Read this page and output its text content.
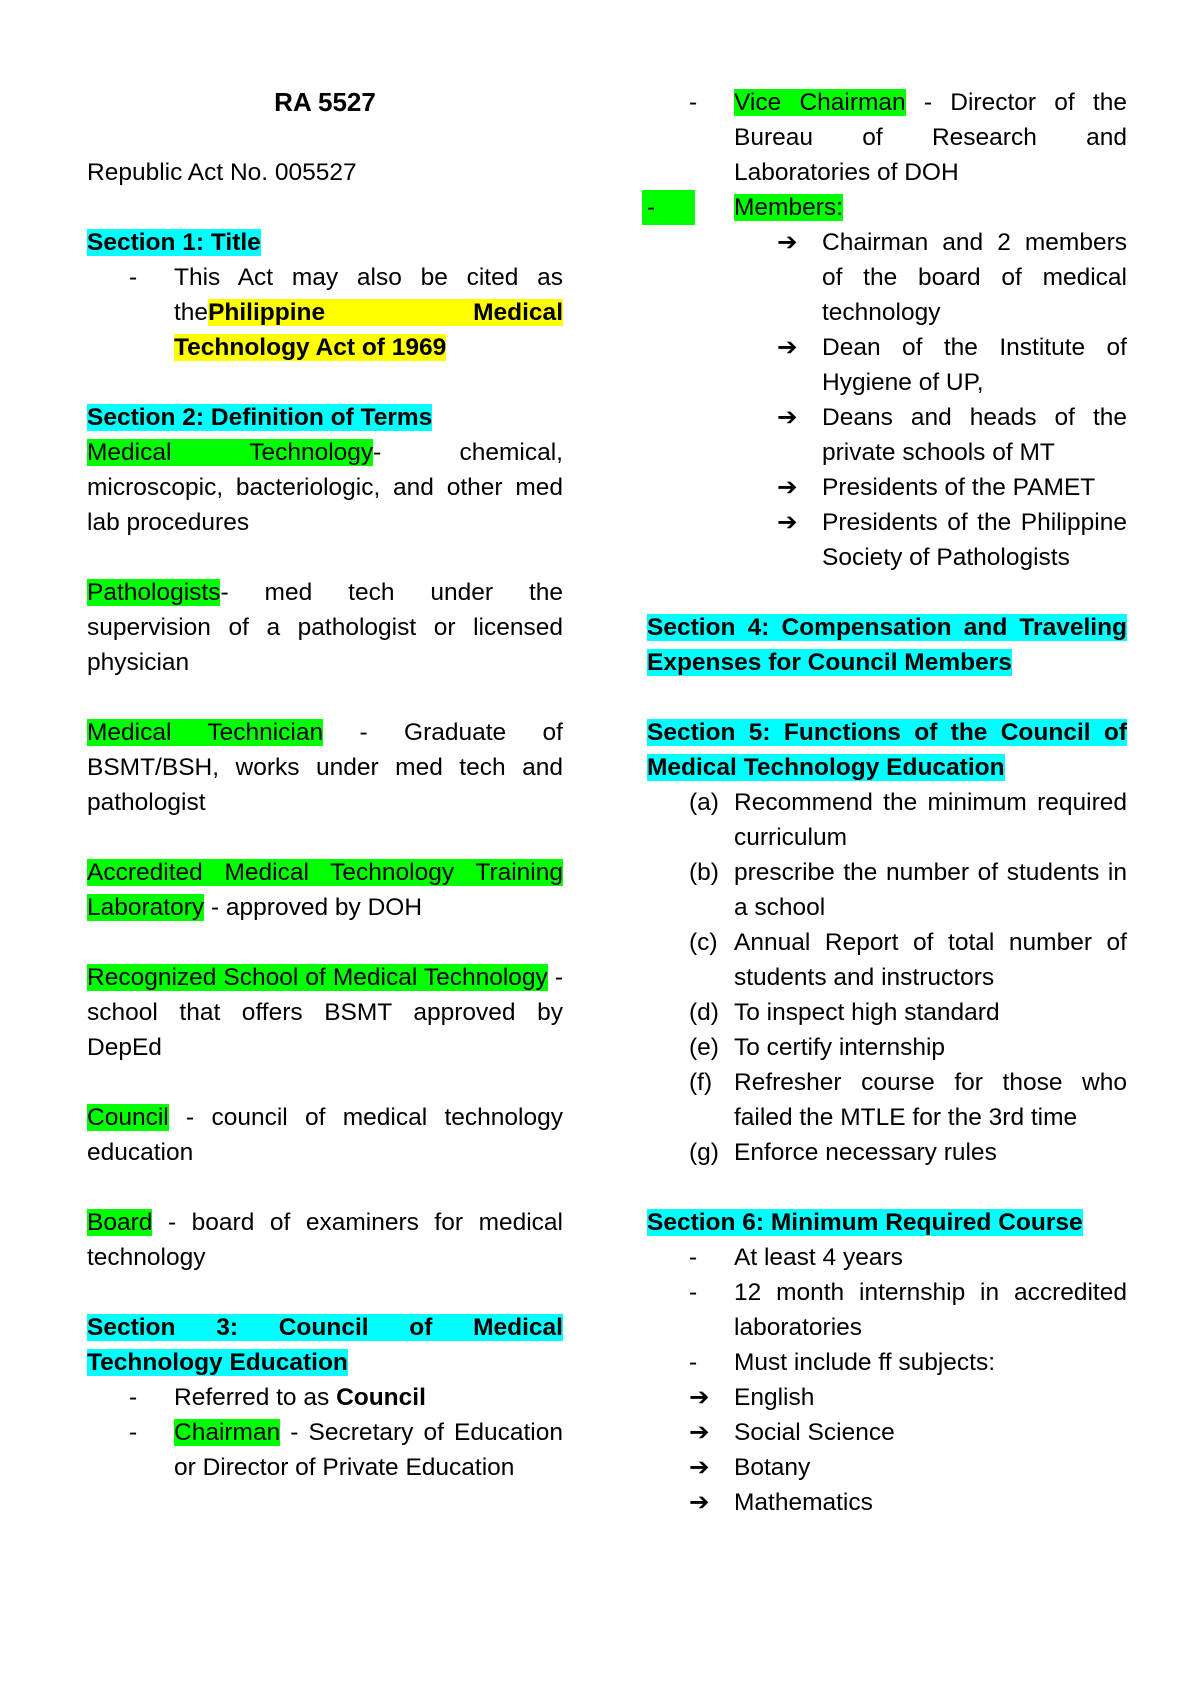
RA 5527

Republic Act No. 005527

Section 1: Title

- This Act may also be cited as thePhilippine Medical Technology Act of 1969

Section 2: Definition of Terms

Medical Technology- chemical, microscopic, bacteriologic, and other med lab procedures

Pathologists- med tech under the supervision of a pathologist or licensed physician

Medical Technician - Graduate of BSMT/BSH, works under med tech and pathologist

Accredited Medical Technology Training Laboratory - approved by DOH

Recognized School of Medical Technology - school that offers BSMT approved by DepEd

Council - council of medical technology education

Board - board of examiners for medical technology

Section 3: Council of Medical Technology Education

- Referred to as Council

- Chairman - Secretary of Education or Director of Private Education

- Vice Chairman - Director of the Bureau of Research and Laboratories of DOH

-	Members:

➔ Chairman and 2 members of the board of medical technology

➔ Dean of the Institute of Hygiene of UP,

➔ Deans and heads of the private schools of MT

➔ Presidents of the PAMET

➔ Presidents of the Philippine Society of Pathologists

Section 4: Compensation and Traveling Expenses for Council Members

Section 5: Functions of the Council of Medical Technology Education

(a) Recommend the minimum required curriculum

(b) prescribe the number of students in a school

(c) Annual Report of total number of students and instructors

(d) To inspect high standard

(e) To certify internship

(f) Refresher course for those who failed the MTLE for the 3rd time

(g) Enforce necessary rules

Section 6: Minimum Required Course

- At least 4 years

- 12 month internship in accredited laboratories

- Must include ff subjects:

➔ English

➔ Social Science

➔ Botany

➔ Mathematics
